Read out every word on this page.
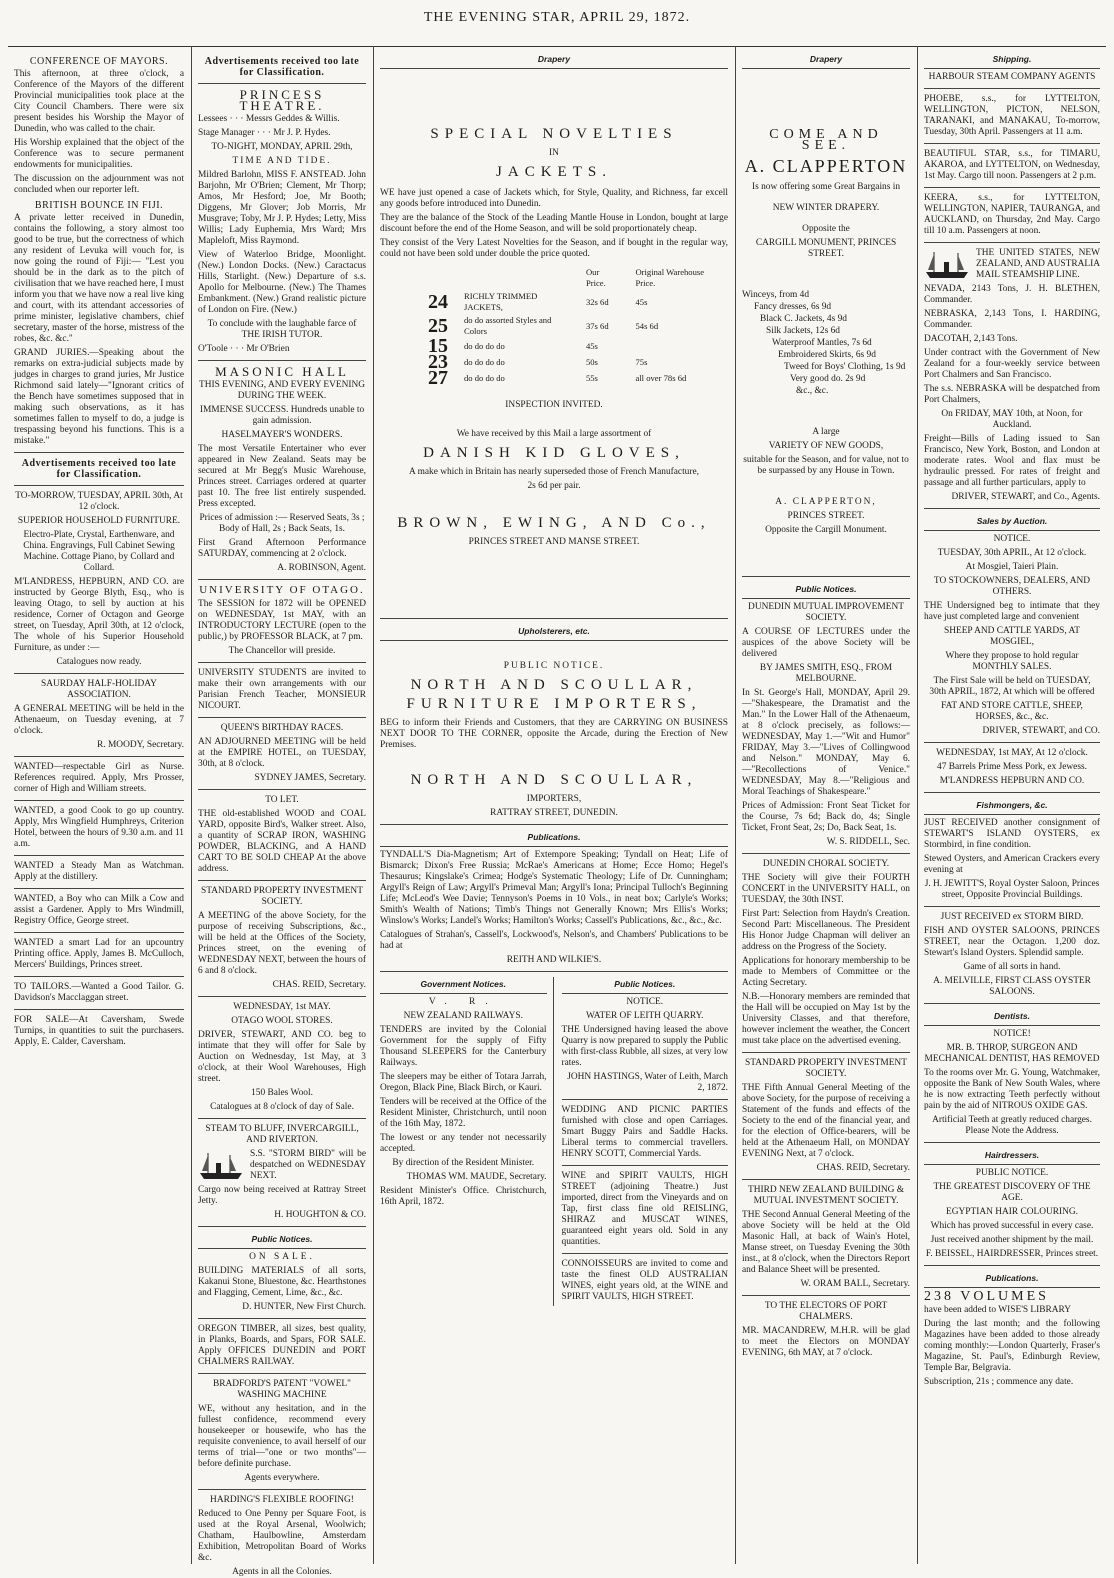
THE EVENING STAR, APRIL 29, 1872.
CONFERENCE OF MAYORS.

This afternoon, at three o'clock, a Conference of the Mayors of the different Provincial municipalities took place at the City Council Chambers. There were six present besides his Worship the Mayor of Dunedin, who was called to the chair.

His Worship explained that the object of the Conference was to secure permanent endowments for municipalities.

The discussion on the adjournment was not concluded when our reporter left.

BRITISH BOUNCE IN FIJI.

A private letter received in Dunedin, contains the following, a story almost too good to be true, but the correctness of which any resident of Levuka will vouch for, is now going the round of Fiji:— "Lest you should be in the dark as to the pitch of civilisation that we have reached here, I must inform you that we have now a real live king and court, with its attendant accessories of prime minister, legislative chambers, chief secretary, master of the horse, mistress of the robes, &c. &c."

GRAND JURIES.—Speaking about the remarks on extra-judicial subjects made by judges in charges to grand juries, Mr Justice Richmond said lately—"Ignorant critics of the Bench have sometimes supposed that in making such observations, as it has sometimes fallen to myself to do, a judge is trespassing beyond his functions. This is a mistake."

Advertisements received too late for Classification.

TO-MORROW, TUESDAY, APRIL 30th, At 12 o'clock.

SUPERIOR HOUSEHOLD FURNITURE.

Electro-Plate, Crystal, Earthenware, and China. Engravings, Full Cabinet Sewing Machine. Cottage Piano, by Collard and Collard.

M'LANDRESS, HEPBURN, AND CO. are instructed by George Blyth, Esq., who is leaving Otago, to sell by auction at his residence, Corner of Octagon and George street, on Tuesday, April 30th, at 12 o'clock, The whole of his Superior Household Furniture, as under :—

Catalogues now ready.

SAURDAY HALF-HOLIDAY ASSOCIATION.

A GENERAL MEETING will be held in the Athenaeum, on Tuesday evening, at 7 o'clock.

R. MOODY, Secretary.

WANTED—respectable Girl as Nurse. References required. Apply, Mrs Prosser, corner of High and William streets.

WANTED, a good Cook to go up country. Apply, Mrs Wingfield Humphreys, Criterion Hotel, between the hours of 9.30 a.m. and 11 a.m.

WANTED a Steady Man as Watchman. Apply at the distillery.

WANTED, a Boy who can Milk a Cow and assist a Gardener. Apply to Mrs Windmill, Registry Office, George street.

WANTED a smart Lad for an upcountry Printing office. Apply, James B. McCulloch, Mercers' Buildings, Princes street.

TO TAILORS.—Wanted a Good Tailor. G. Davidson's Macclaggan street.

FOR SALE—At Caversham, Swede Turnips, in quantities to suit the purchasers. Apply, E. Calder, Caversham.

Advertisements received too late for Classification.

PRINCESS THEATRE.

Lessees · · · Messrs Geddes & Willis.

Stage Manager · · · Mr J. P. Hydes.

TO-NIGHT, MONDAY, APRIL 29th,

TIME AND TIDE.

Mildred Barlohn, MISS F. ANSTEAD. John Barjohn, Mr O'Brien; Clement, Mr Thorp; Amos, Mr Hesford; Joe, Mr Booth; Diggens, Mr Glover; Job Morris, Mr Musgrave; Toby, Mr J. P. Hydes; Letty, Miss Willis; Lady Euphemia, Mrs Ward; Mrs Mapleloft, Miss Raymond.

View of Waterloo Bridge, Moonlight. (New.) London Docks. (New.) Caractacus Hills, Starlight. (New.) Departure of s.s. Apollo for Melbourne. (New.) The Thames Embankment. (New.) Grand realistic picture of London on Fire. (New.)

To conclude with the laughable farce of THE IRISH TUTOR.

O'Toole · · · Mr O'Brien

MASONIC HALL

THIS EVENING, AND EVERY EVENING DURING THE WEEK.

IMMENSE SUCCESS. Hundreds unable to gain admission.

HASELMAYER'S WONDERS.

The most Versatile Entertainer who ever appeared in New Zealand. Seats may be secured at Mr Begg's Music Warehouse, Princes street. Carriages ordered at quarter past 10. The free list entirely suspended. Press excepted.

Prices of admission :— Reserved Seats, 3s ; Body of Hall, 2s ; Back Seats, 1s.

First Grand Afternoon Performance SATURDAY, commencing at 2 o'clock.

A. ROBINSON, Agent.

UNIVERSITY OF OTAGO.

The SESSION for 1872 will be OPENED on WEDNESDAY, 1st MAY, with an INTRODUCTORY LECTURE (open to the public,) by PROFESSOR BLACK, at 7 pm.

The Chancellor will preside.

UNIVERSITY STUDENTS are invited to make their own arrangements with our Parisian French Teacher, MONSIEUR NICOURT.

QUEEN'S BIRTHDAY RACES.

AN ADJOURNED MEETING will be held at the EMPIRE HOTEL, on TUESDAY, 30th, at 8 o'clock.

SYDNEY JAMES, Secretary.

TO LET.

THE old-established WOOD and COAL YARD, opposite Bird's, Walker street. Also, a quantity of SCRAP IRON, WASHING POWDER, BLACKING, and A HAND CART TO BE SOLD CHEAP At the above address.

STANDARD PROPERTY INVESTMENT SOCIETY.

A MEETING of the above Society, for the purpose of receiving Subscriptions, &c., will be held at the Offices of the Society, Princes street, on the evening of WEDNESDAY NEXT, between the hours of 6 and 8 o'clock.

CHAS. REID, Secretary.

WEDNESDAY, 1st MAY.

OTAGO WOOL STORES.

DRIVER, STEWART, AND CO. beg to intimate that they will offer for Sale by Auction on Wednesday, 1st May, at 3 o'clock, at their Wool Warehouses, High street.

150 Bales Wool.

Catalogues at 8 o'clock of day of Sale.

STEAM TO BLUFF, INVERCARGILL, AND RIVERTON.

S.S. "STORM BIRD" will be despatched on WEDNESDAY NEXT.

Cargo now being received at Rattray Street Jetty.

H. HOUGHTON & CO.

Public Notices.

ON SALE.

BUILDING MATERIALS of all sorts, Kakanui Stone, Bluestone, &c. Hearthstones and Flagging, Cement, Lime, &c., &c.

D. HUNTER, New First Church.

OREGON TIMBER, all sizes, best quality, in Planks, Boards, and Spars, FOR SALE. Apply OFFICES DUNEDIN and PORT CHALMERS RAILWAY.

BRADFORD'S PATENT "VOWEL" WASHING MACHINE

WE, without any hesitation, and in the fullest confidence, recommend every housekeeper or housewife, who has the requisite convenience, to avail herself of our terms of trial—"one or two months"—before definite purchase.

Agents everywhere.

HARDING'S FLEXIBLE ROOFING!

Reduced to One Penny per Square Foot, is used at the Royal Arsenal, Woolwich; Chatham, Haulbowline, Amsterdam Exhibition, Metropolitan Board of Works &c.

Agents in all the Colonies.

Drapery
SPECIAL NOVELTIES

IN

JACKETS.

WE have just opened a case of Jackets which, for Style, Quality, and Richness, far excell any goods before introduced into Dunedin.

They are the balance of the Stock of the Leading Mantle House in London, bought at large discount before the end of the Home Season, and will be sold proportionately cheap.

They consist of the Very Latest Novelties for the Season, and if bought in the regular way, could not have been sold under double the price quoted.

		Our Price.	Original Warehouse Price.
24	RICHLY TRIMMED JACKETS,	32s 6d	45s
25	do do assorted Styles and Colors	37s 6d	54s 6d
15	do do do do	45s	
23	do do do do	50s	75s
27	do do do do	55s	all over 78s 6d

INSPECTION INVITED.

We have received by this Mail a large assortment of

DANISH KID GLOVES,

A make which in Britain has nearly superseded those of French Manufacture,

2s 6d per pair.

BROWN, EWING, AND Co.,

PRINCES STREET AND MANSE STREET.

Upholsterers, etc.

PUBLIC NOTICE.

NORTH AND SCOULLAR,
FURNITURE IMPORTERS,

BEG to inform their Friends and Customers, that they are CARRYING ON BUSINESS NEXT DOOR TO THE CORNER, opposite the Arcade, during the Erection of New Premises.

NORTH AND SCOULLAR,

IMPORTERS,

RATTRAY STREET, DUNEDIN.

Publications.

TYNDALL'S Dia-Magnetism; Art of Extempore Speaking; Tyndall on Heat; Life of Bismarck; Dixon's Free Russia; McRae's Americans at Home; Ecce Homo; Hegel's Thesaurus; Kingslake's Crimea; Hodge's Systematic Theology; Life of Dr. Cunningham; Argyll's Reign of Law; Argyll's Primeval Man; Argyll's Iona; Principal Tulloch's Beginning Life; McLeod's Wee Davie; Tennyson's Poems in 10 Vols., in neat box; Carlyle's Works; Smith's Wealth of Nations; Timb's Things not Generally Known; Mrs Ellis's Works; Winslow's Works; Landel's Works; Hamilton's Works; Cassell's Publications, &c., &c., &c.

Catalogues of Strahan's, Cassell's, Lockwood's, Nelson's, and Chambers' Publications to be had at

REITH AND WILKIE'S.

Government Notices.

V. R.

NEW ZEALAND RAILWAYS.

TENDERS are invited by the Colonial Government for the supply of Fifty Thousand SLEEPERS for the Canterbury Railways.

The sleepers may be either of Totara Jarrah, Oregon, Black Pine, Black Birch, or Kauri.

Tenders will be received at the Office of the Resident Minister, Christchurch, until noon of the 16th May, 1872.

The lowest or any tender not necessarily accepted.

By direction of the Resident Minister.

THOMAS WM. MAUDE, Secretary.

Resident Minister's Office. Christchurch, 16th April, 1872.

Public Notices.

NOTICE.

WATER OF LEITH QUARRY.

THE Undersigned having leased the above Quarry is now prepared to supply the Public with first-class Rubble, all sizes, at very low rates.

JOHN HASTINGS, Water of Leith, March 2, 1872.

WEDDING AND PICNIC PARTIES furnished with close and open Carriages. Smart Buggy Pairs and Saddle Hacks. Liberal terms to commercial travellers. HENRY SCOTT, Commercial Yards.

WINE and SPIRIT VAULTS, HIGH STREET (adjoining Theatre.) Just imported, direct from the Vineyards and on Tap, first class fine old REISLING, SHIRAZ and MUSCAT WINES, guaranteed eight years old. Sold in any quantities.

CONNOISSEURS are invited to come and taste the finest OLD AUSTRALIAN WINES, eight years old, at the WINE and SPIRIT VAULTS, HIGH STREET.

Drapery

COME AND SEE.

A. CLAPPERTON

Is now offering some Great Bargains in

NEW WINTER DRAPERY.

Opposite the

CARGILL MONUMENT, PRINCES STREET.

Winceys, from 4d

Fancy dresses, 6s 9d

Black C. Jackets, 4s 9d

Silk Jackets, 12s 6d

Waterproof Mantles, 7s 6d

Embroidered Skirts, 6s 9d

Tweed for Boys' Clothing, 1s 9d

Very good do. 2s 9d

&c., &c.

A large

VARIETY OF NEW GOODS,

suitable for the Season, and for value, not to be surpassed by any House in Town.

A. CLAPPERTON,

PRINCES STREET.

Opposite the Cargill Monument.

Public Notices.

DUNEDIN MUTUAL IMPROVEMENT SOCIETY.

A COURSE OF LECTURES under the auspices of the above Society will be delivered

BY JAMES SMITH, ESQ., FROM MELBOURNE.

In St. George's Hall, MONDAY, April 29.—"Shakespeare, the Dramatist and the Man." In the Lower Hall of the Athenaeum, at 8 o'clock precisely, as follows:— WEDNESDAY, May 1.—"Wit and Humor" FRIDAY, May 3.—"Lives of Collingwood and Nelson." MONDAY, May 6.—"Recollections of Venice." WEDNESDAY, May 8.—"Religious and Moral Teachings of Shakespeare."

Prices of Admission: Front Seat Ticket for the Course, 7s 6d; Back do, 4s; Single Ticket, Front Seat, 2s; Do, Back Seat, 1s.

W. S. RIDDELL, Sec.

DUNEDIN CHORAL SOCIETY.

THE Society will give their FOURTH CONCERT in the UNIVERSITY HALL, on TUESDAY, the 30th INST.

First Part: Selection from Haydn's Creation. Second Part: Miscellaneous. The President His Honor Judge Chapman will deliver an address on the Progress of the Society.

Applications for honorary membership to be made to Members of Committee or the Acting Secretary.

N.B.—Honorary members are reminded that the Hall will be occupied on May 1st by the University Classes, and that therefore, however inclement the weather, the Concert must take place on the advertised evening.

STANDARD PROPERTY INVESTMENT SOCIETY.

THE Fifth Annual General Meeting of the above Society, for the purpose of receiving a Statement of the funds and effects of the Society to the end of the financial year, and for the election of Office-bearers, will be held at the Athenaeum Hall, on MONDAY EVENING Next, at 7 o'clock.

CHAS. REID, Secretary.

THIRD NEW ZEALAND BUILDING & MUTUAL INVESTMENT SOCIETY.

THE Second Annual General Meeting of the above Society will be held at the Old Masonic Hall, at back of Wain's Hotel, Manse street, on Tuesday Evening the 30th inst., at 8 o'clock, when the Directors Report and Balance Sheet will be presented.

W. ORAM BALL, Secretary.

TO THE ELECTORS OF PORT CHALMERS.

MR. MACANDREW, M.H.R. will be glad to meet the Electors on MONDAY EVENING, 6th MAY, at 7 o'clock.

Shipping.

HARBOUR STEAM COMPANY AGENTS

PHOEBE, s.s., for LYTTELTON, WELLINGTON, PICTON, NELSON, TARANAKI, and MANAKAU, To-morrow, Tuesday, 30th April. Passengers at 11 a.m.

BEAUTIFUL STAR, s.s., for TIMARU, AKAROA, and LYTTELTON, on Wednesday, 1st May. Cargo till noon. Passengers at 2 p.m.

KEERA, s.s., for LYTTELTON, WELLINGTON, NAPIER, TAURANGA, and AUCKLAND, on Thursday, 2nd May. Cargo till 10 a.m. Passengers at noon.

THE UNITED STATES, NEW ZEALAND, AND AUSTRALIA MAIL STEAMSHIP LINE.

NEVADA, 2143 Tons, J. H. BLETHEN, Commander.

NEBRASKA, 2,143 Tons, I. HARDING, Commander.

DACOTAH, 2,143 Tons.

Under contract with the Government of New Zealand for a four-weekly service between Port Chalmers and San Francisco.

The s.s. NEBRASKA will be despatched from Port Chalmers,

On FRIDAY, MAY 10th, at Noon, for Auckland.

Freight—Bills of Lading issued to San Francisco, New York, Boston, and London at moderate rates. Wool and flax must be hydraulic pressed. For rates of freight and passage and all further particulars, apply to

DRIVER, STEWART, and Co., Agents.

Sales by Auction.

NOTICE.

TUESDAY, 30th APRIL, At 12 o'clock.

At Mosgiel, Taieri Plain.

TO STOCKOWNERS, DEALERS, AND OTHERS.

THE Undersigned beg to intimate that they have just completed large and convenient

SHEEP AND CATTLE YARDS, AT MOSGIEL,

Where they propose to hold regular MONTHLY SALES.

The First Sale will be held on TUESDAY, 30th APRIL, 1872, At which will be offered

FAT AND STORE CATTLE, SHEEP, HORSES, &c., &c.

DRIVER, STEWART, and CO.

WEDNESDAY, 1st MAY, At 12 o'clock.

47 Barrels Prime Mess Pork, ex Jewess.

M'LANDRESS HEPBURN AND CO.

Fishmongers, &c.

JUST RECEIVED another consignment of STEWART'S ISLAND OYSTERS, ex Stormbird, in fine condition.

Stewed Oysters, and American Crackers every evening at

J. H. JEWITT'S, Royal Oyster Saloon, Princes street, Opposite Provincial Buildings.

JUST RECEIVED ex STORM BIRD.

FISH AND OYSTER SALOONS, PRINCES STREET, near the Octagon. 1,200 doz. Stewart's Island Oysters. Splendid sample.

Game of all sorts in hand.

A. MELVILLE, FIRST CLASS OYSTER SALOONS.

Dentists.

NOTICE!

MR. B. THROP, SURGEON AND MECHANICAL DENTIST, HAS REMOVED

To the rooms over Mr. G. Young, Watchmaker, opposite the Bank of New South Wales, where he is now extracting Teeth perfectly without pain by the aid of NITROUS OXIDE GAS.

Artificial Teeth at greatly reduced charges. Please Note the Address.

Hairdressers.

PUBLIC NOTICE.

THE GREATEST DISCOVERY OF THE AGE.

EGYPTIAN HAIR COLOURING.

Which has proved successful in every case.

Just received another shipment by the mail.

F. BEISSEL, HAIRDRESSER, Princes street.

Publications.

238 VOLUMES

have been added to WISE'S LIBRARY

During the last month; and the following Magazines have been added to those already coming monthly:—London Quarterly, Fraser's Magazine, St. Paul's, Edinburgh Review, Temple Bar, Belgravia.

Subscription, 21s ; commence any date.
